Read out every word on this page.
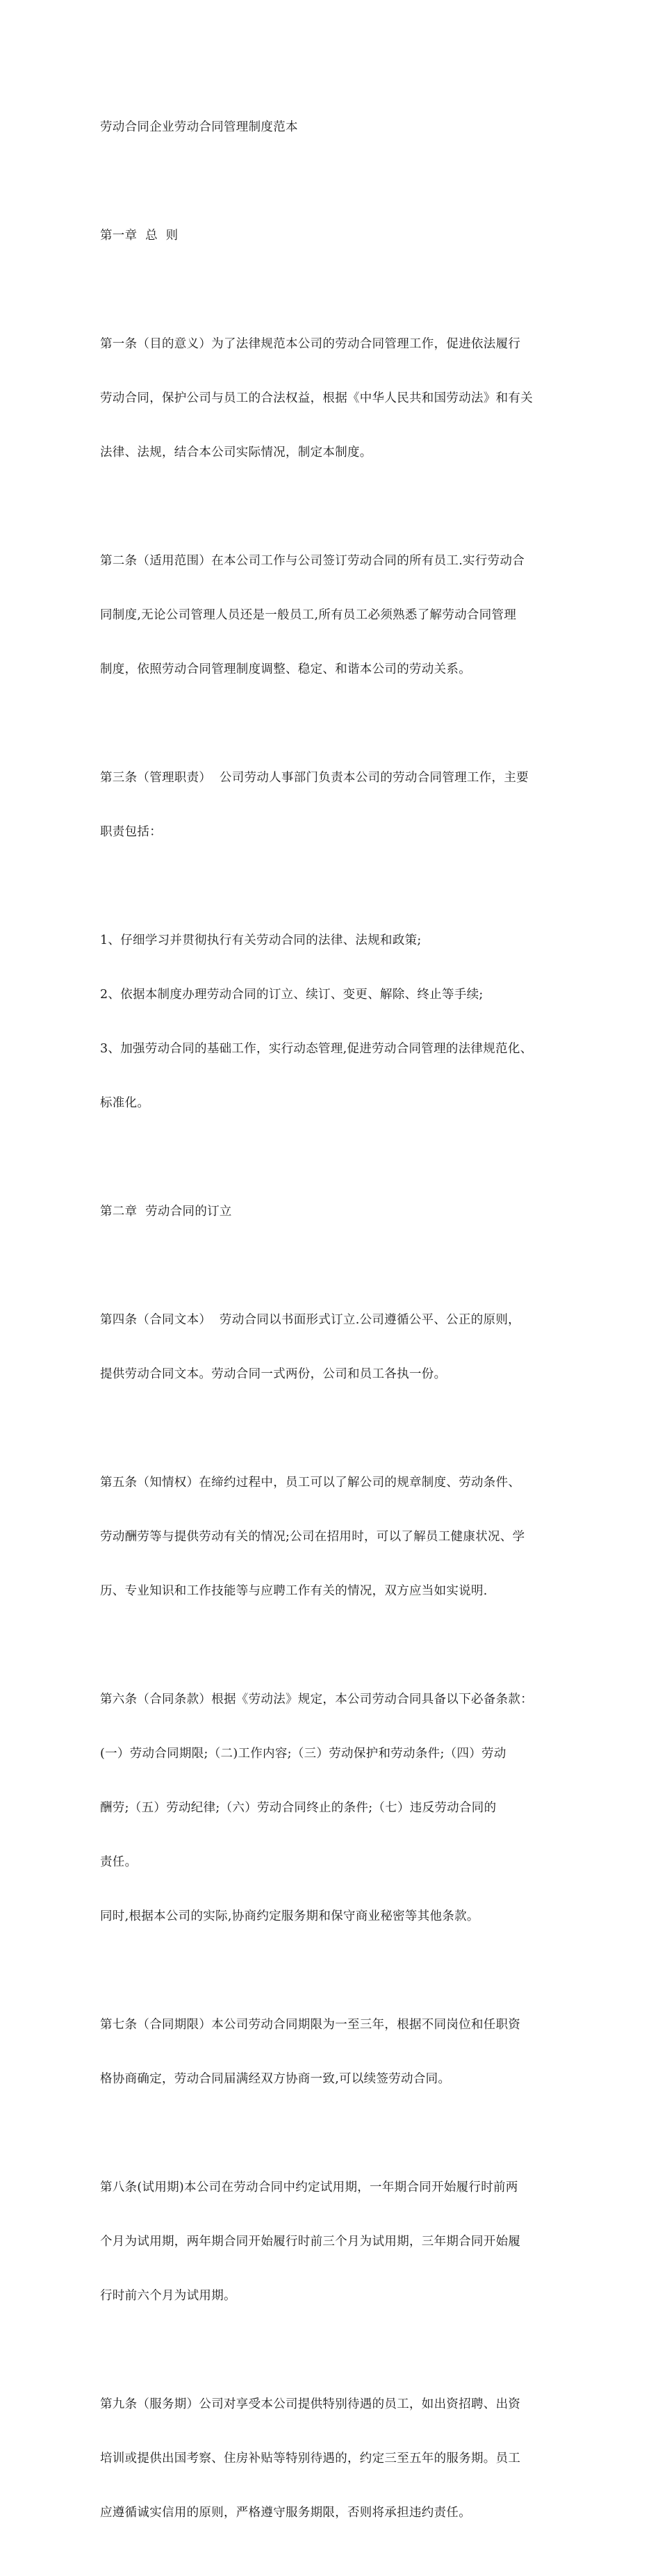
劳动合同企业劳动合同管理制度范本

第一章  总  则

第一条（目的意义）为了法律规范本公司的劳动合同管理工作，促进依法履行

劳动合同，保护公司与员工的合法权益，根据《中华人民共和国劳动法》和有关

法律、法规，结合本公司实际情况，制定本制度。

第二条（适用范围）在本公司工作与公司签订劳动合同的所有员工.实行劳动合

同制度,无论公司管理人员还是一般员工,所有员工必须熟悉了解劳动合同管理

制度，依照劳动合同管理制度调整、稳定、和谐本公司的劳动关系。

第三条（管理职责）  公司劳动人事部门负责本公司的劳动合同管理工作，主要

职责包括：

1、仔细学习并贯彻执行有关劳动合同的法律、法规和政策;

2、依据本制度办理劳动合同的订立、续订、变更、解除、终止等手续;

3、加强劳动合同的基础工作，实行动态管理,促进劳动合同管理的法律规范化、

标准化。

第二章  劳动合同的订立

第四条（合同文本）  劳动合同以书面形式订立.公司遵循公平、公正的原则，

提供劳动合同文本。劳动合同一式两份，公司和员工各执一份。

第五条（知情权）在缔约过程中，员工可以了解公司的规章制度、劳动条件、

劳动酬劳等与提供劳动有关的情况;公司在招用时，可以了解员工健康状况、学

历、专业知识和工作技能等与应聘工作有关的情况，双方应当如实说明.

第六条（合同条款）根据《劳动法》规定，本公司劳动合同具备以下必备条款：

(一）劳动合同期限;（二)工作内容;（三）劳动保护和劳动条件;（四）劳动

酬劳;（五）劳动纪律;（六）劳动合同终止的条件;（七）违反劳动合同的

责任。

同时,根据本公司的实际,协商约定服务期和保守商业秘密等其他条款。

第七条（合同期限）本公司劳动合同期限为一至三年，根据不同岗位和任职资

格协商确定，劳动合同届满经双方协商一致,可以续签劳动合同。

第八条(试用期)本公司在劳动合同中约定试用期，一年期合同开始履行时前两

个月为试用期，两年期合同开始履行时前三个月为试用期，三年期合同开始履

行时前六个月为试用期。

第九条（服务期）公司对享受本公司提供特别待遇的员工，如出资招聘、出资

培训或提供出国考察、住房补贴等特别待遇的，约定三至五年的服务期。员工

应遵循诚实信用的原则，严格遵守服务期限，否则将承担违约责任。
